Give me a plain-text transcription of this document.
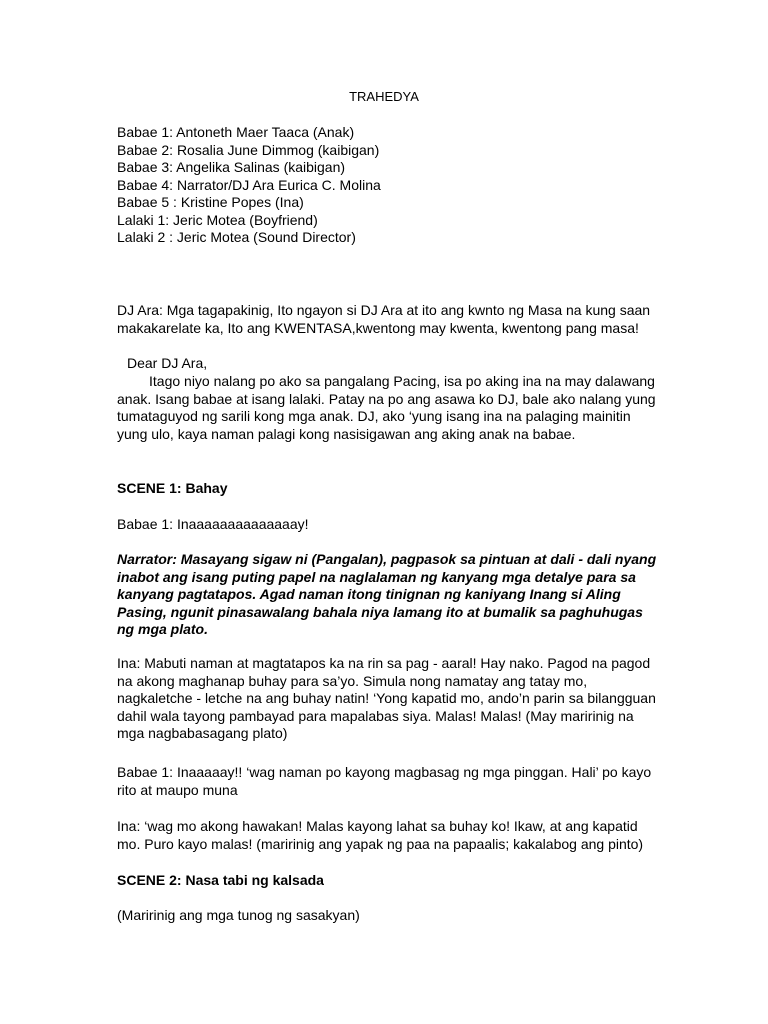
TRAHEDYA

Babae 1: Antoneth Maer Taaca (Anak)
Babae 2: Rosalia June Dimmog (kaibigan)
Babae 3: Angelika Salinas (kaibigan)
Babae 4: Narrator/DJ Ara Eurica C. Molina
Babae 5 : Kristine Popes (Ina)
Lalaki 1: Jeric Motea (Boyfriend)
Lalaki 2 : Jeric Motea (Sound Director)

DJ Ara: Mga tagapakinig, Ito ngayon si DJ Ara at ito ang kwnto ng Masa na kung saan makakarelate ka, Ito ang KWENTASA,kwentong may kwenta, kwentong pang masa!

Dear DJ Ara,

Itago niyo nalang po ako sa pangalang Pacing, isa po aking ina na may dalawang anak. Isang babae at isang lalaki. Patay na po ang asawa ko DJ, bale ako nalang yung tumataguyod ng sarili kong mga anak. DJ, ako ‘yung isang ina na palaging mainitin yung ulo, kaya naman palagi kong nasisigawan ang aking anak na babae.

SCENE 1: Bahay

Babae 1: Inaaaaaaaaaaaaaay!

Narrator: Masayang sigaw ni (Pangalan), pagpasok sa pintuan at dali - dali nyang inabot ang isang puting papel na naglalaman ng kanyang mga detalye para sa kanyang pagtatapos. Agad naman itong tinignan ng kaniyang Inang si Aling Pasing, ngunit pinasawalang bahala niya lamang ito at bumalik sa paghuhugas ng mga plato.

Ina: Mabuti naman at magtatapos ka na rin sa pag - aaral! Hay nako. Pagod na pagod na akong maghanap buhay para sa’yo. Simula nong namatay ang tatay mo, nagkaletche - letche na ang buhay natin! ‘Yong kapatid mo, ando’n parin sa bilangguan dahil wala tayong pambayad para mapalabas siya. Malas! Malas! (May maririnig na mga nagbabasagang plato)

Babae 1: Inaaaaay!! ‘wag naman po kayong magbasag ng mga pinggan. Hali’ po kayo rito at maupo muna

Ina: ‘wag mo akong hawakan! Malas kayong lahat sa buhay ko! Ikaw, at ang kapatid mo. Puro kayo malas! (maririnig ang yapak ng paa na papaalis; kakalabog ang pinto)

SCENE 2: Nasa tabi ng kalsada

(Maririnig ang mga tunog ng sasakyan)
